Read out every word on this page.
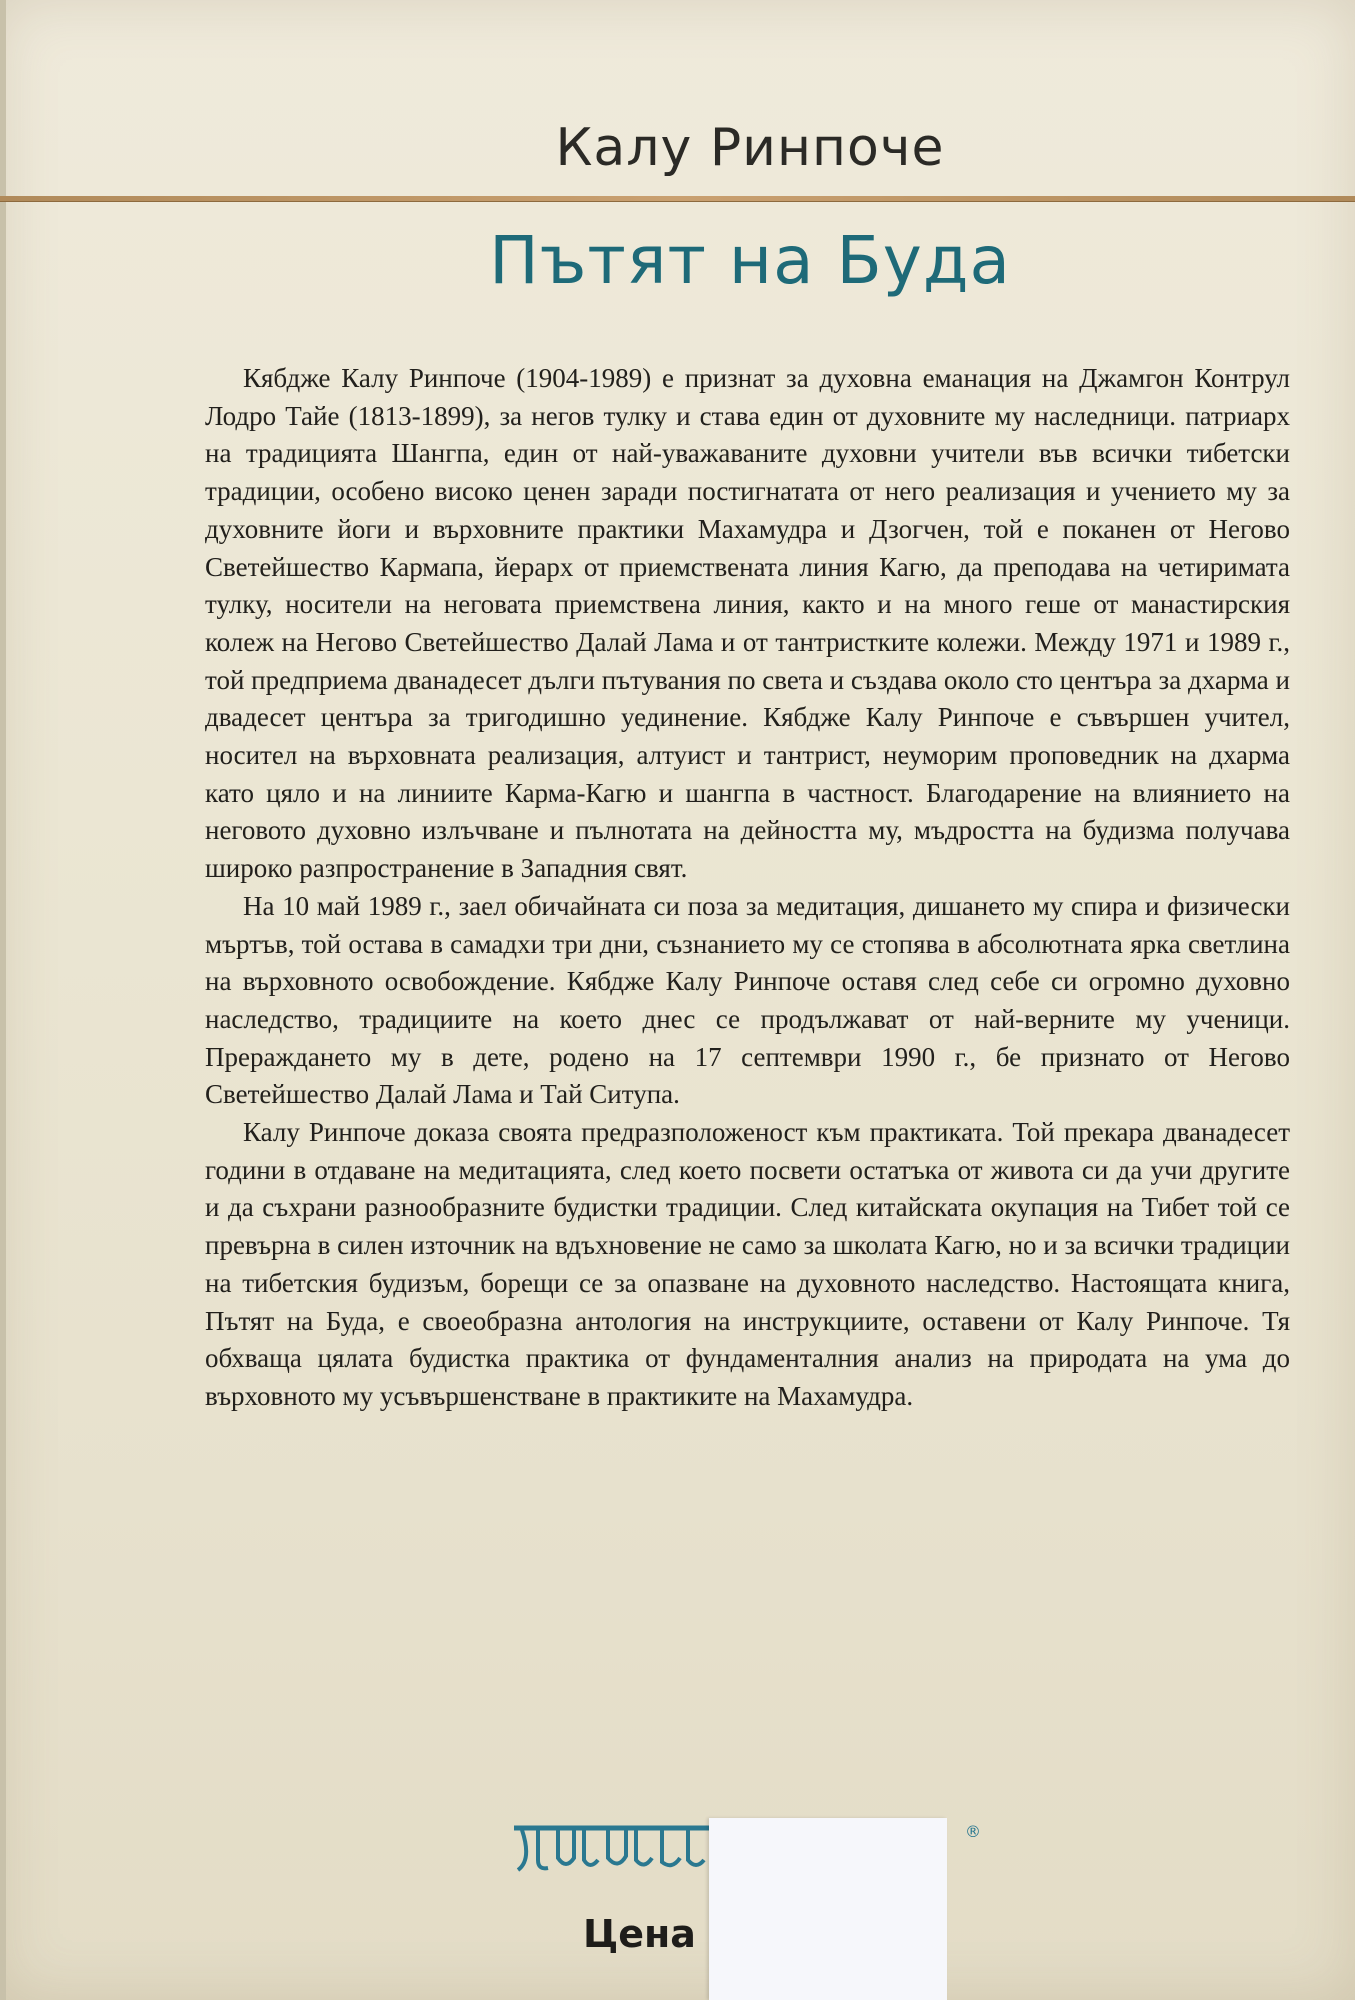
Калу Ринпоче
Пътят на Буда

Кябдже Калу Ринпоче (1904-1989) е признат за духовна еманация на Джамгон Контрул Лодро Тайе (1813-1899), за негов тулку и става един от духовните му наследници. патриарх на традицията Шангпа, един от най-уважаваните духовни учители във всички тибетски традиции, особено високо ценен заради постигнатата от него реализация и учението му за духовните йоги и върховните практики Махамудра и Дзогчен, той е поканен от Негово Светейшество Кармапа, йерарх от приемствената линия Кагю, да преподава на четиримата тулку, носители на неговата приемствена линия, както и на много геше от манастирския колеж на Негово Светейшество Далай Лама и от тантристките колежи. Между 1971 и 1989 г., той предприема дванадесет дълги пътувания по света и създава около сто центъра за дхарма и двадесет центъра за тригодишно уединение. Кябдже Калу Ринпоче е съвършен учител, носител на върховната реализация, алтуист и тантрист, неуморим проповедник на дхарма като цяло и на линиите Карма-Кагю и шангпа в частност. Благодарение на влиянието на неговото духовно излъчване и пълнотата на дейността му, мъдростта на будизма получава широко разпространение в Западния свят.

На 10 май 1989 г., заел обичайната си поза за медитация, дишането му спира и физически мъртъв, той остава в самадхи три дни, съзнанието му се стопява в абсолютната ярка светлина на върховното освобождение. Кябдже Калу Ринпоче оставя след себе си огромно духовно наследство, традициите на което днес се продължават от най-верните му ученици. Прераждането му в дете, родено на 17 септември 1990 г., бе признато от Негово Светейшество Далай Лама и Тай Ситупа.

Калу Ринпоче доказа своята предразположеност към практиката. Той прекара дванадесет години в отдаване на медитацията, след което посвети остатъка от живота си да учи другите и да съхрани разнообразните будистки традиции. След китайската окупация на Тибет той се превърна в силен източник на вдъхновение не само за школата Кагю, но и за всички традиции на тибетския будизъм, борещи се за опазване на духовното наследство. Настоящата книга, Пътят на Буда, е своеобразна антология на инструкциите, оставени от Калу Ринпоче. Тя обхваща цялата будистка практика от фундаменталния анализ на природата на ума до върховното му усъвършенстване в практиките на Махамудра.

®
Цена
